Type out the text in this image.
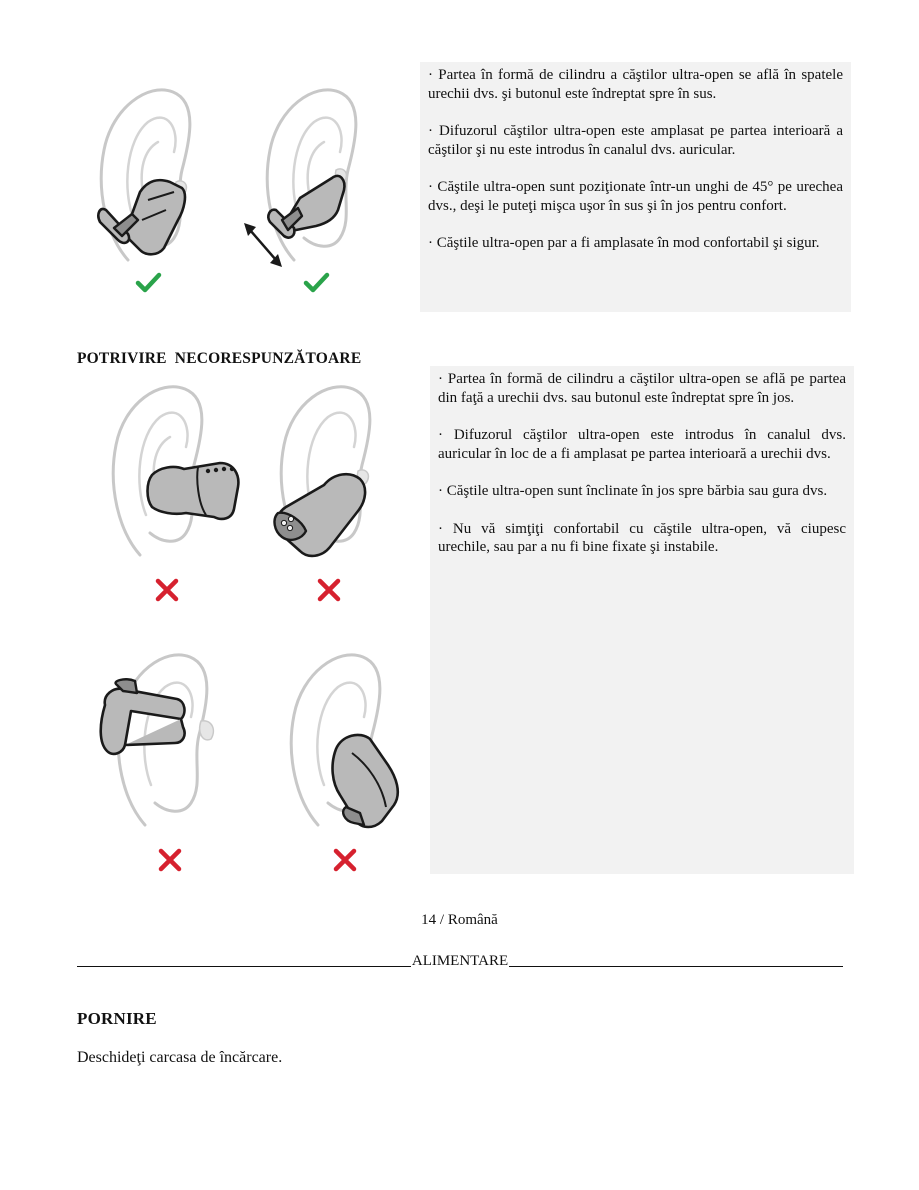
· Partea în formă de cilindru a căştilor ultra-open se află în spatele urechii dvs. şi butonul este îndreptat spre în sus.

· Difuzorul căştilor ultra-open este amplasat pe partea interioară a căştilor şi nu este introdus în canalul dvs. auricular.

· Căştile ultra-open sunt poziţionate într-un unghi de 45° pe urechea dvs., deşi le puteţi mişca uşor în sus şi în jos pentru confort.

· Căştile ultra-open par a fi amplasate în mod confortabil şi sigur.

POTRIVIRE  NECORESPUNZĂTOARE

· Partea în formă de cilindru a căştilor ultra-open se află pe partea din faţă a urechii dvs. sau butonul este îndreptat spre în jos.

· Difuzorul căştilor ultra-open este introdus în canalul dvs. auricular în loc de a fi amplasat pe partea interioară a urechii dvs.

· Căştile ultra-open sunt înclinate în jos spre bărbia sau gura dvs.

· Nu vă simţiţi confortabil cu căştile ultra-open, vă ciupesc urechile, sau par a nu fi bine fixate şi instabile.

14 / Română
ALIMENTARE
PORNIRE
Deschideţi carcasa de încărcare.
